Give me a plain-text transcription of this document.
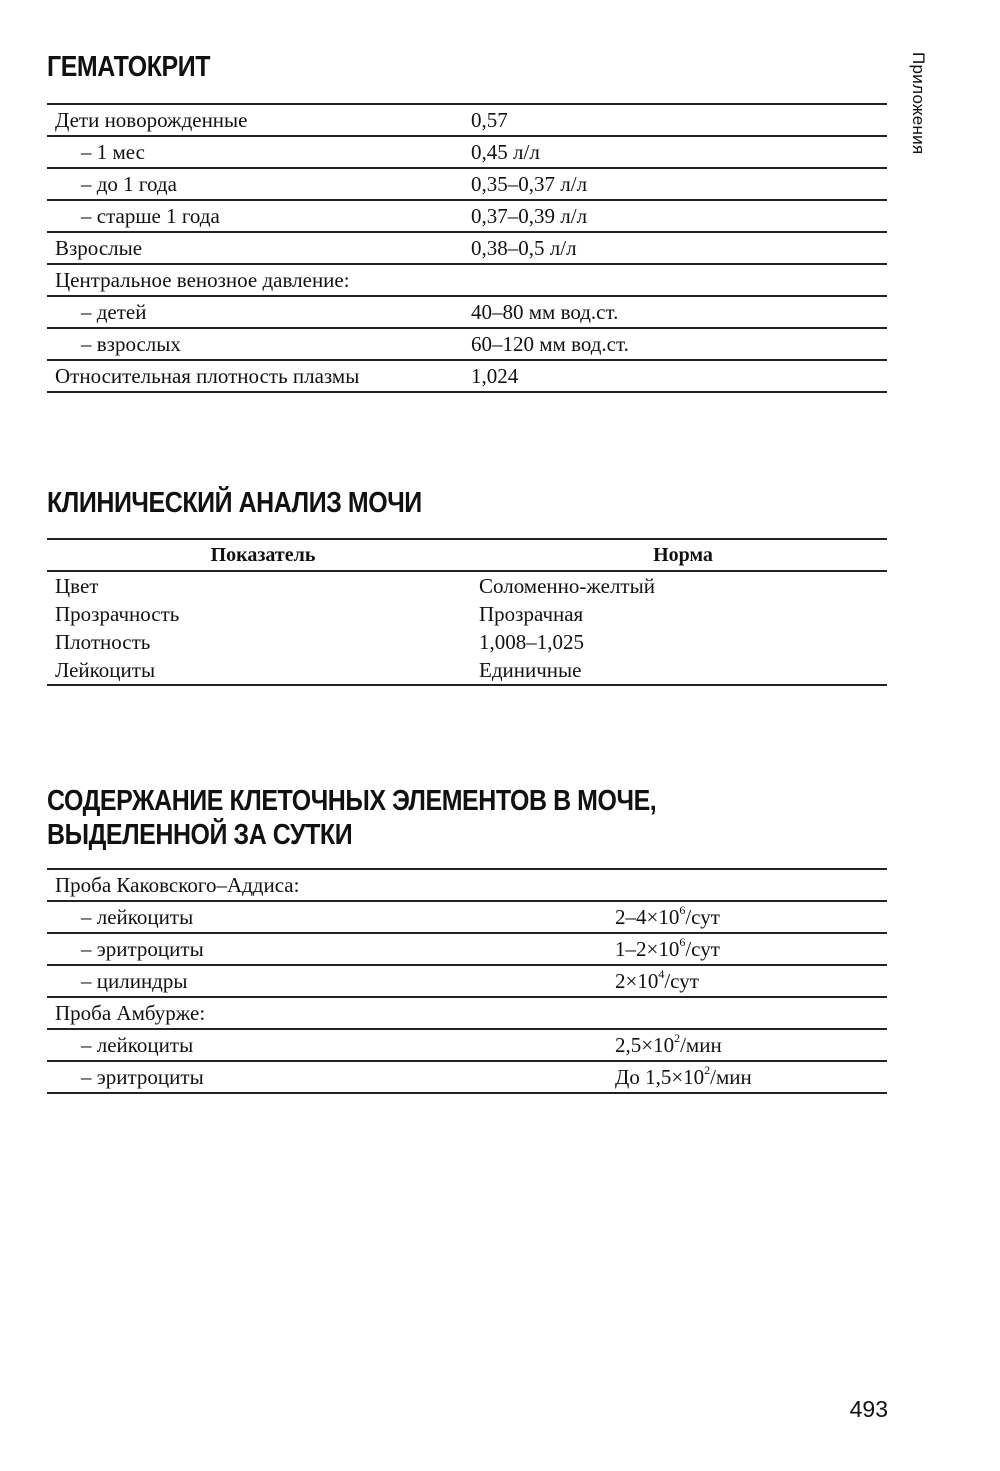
Приложения
ГЕМАТОКРИТ
Дети новорожденные	0,57
– 1 мес	0,45 л/л
– до 1 года	0,35–0,37 л/л
– старше 1 года	0,37–0,39 л/л
Взрослые	0,38–0,5 л/л
Центральное венозное давление:	
– детей	40–80 мм вод.ст.
– взрослых	60–120 мм вод.ст.
Относительная плотность плазмы	1,024
КЛИНИЧЕСКИЙ АНАЛИЗ МОЧИ
Показатель	Норма
Цвет	Соломенно-желтый
Прозрачность	Прозрачная
Плотность	1,008–1,025
Лейкоциты	Единичные
СОДЕРЖАНИЕ КЛЕТОЧНЫХ ЭЛЕМЕНТОВ В МОЧЕ,
ВЫДЕЛЕННОЙ ЗА СУТКИ
Проба Каковского–Аддиса:	
– лейкоциты	$2-4\times 10^6$/сут
– эритроциты	$1-2\times 10^6$/сут
– цилиндры	$2\times 10^4$/сут
Проба Амбурже:	
– лейкоциты	$2,5\times 10^2$/мин
– эритроциты	До $1,5\times 10^2$/мин
493
